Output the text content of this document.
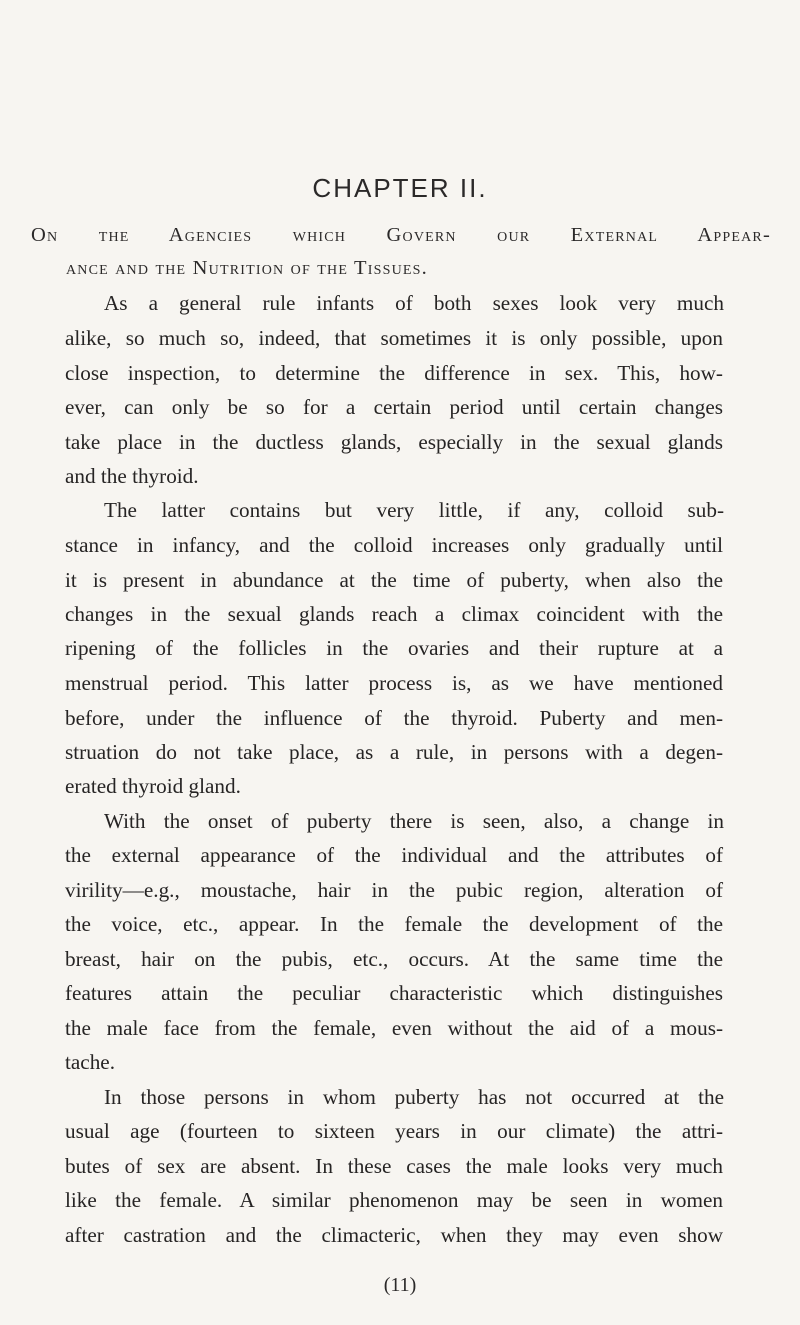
CHAPTER II.
On the Agencies which Govern our External Appear-
ance and the Nutrition of the Tissues.
As a general rule infants of both sexes look very much
alike, so much so, indeed, that sometimes it is only possible, upon
close inspection, to determine the difference in sex. This, how-
ever, can only be so for a certain period until certain changes
take place in the ductless glands, especially in the sexual glands
and the thyroid.
The latter contains but very little, if any, colloid sub-
stance in infancy, and the colloid increases only gradually until
it is present in abundance at the time of puberty, when also the
changes in the sexual glands reach a climax coincident with the
ripening of the follicles in the ovaries and their rupture at a
menstrual period. This latter process is, as we have mentioned
before, under the influence of the thyroid. Puberty and men-
struation do not take place, as a rule, in persons with a degen-
erated thyroid gland.
With the onset of puberty there is seen, also, a change in
the external appearance of the individual and the attributes of
virility—e.g., moustache, hair in the pubic region, alteration of
the voice, etc., appear. In the female the development of the
breast, hair on the pubis, etc., occurs. At the same time the
features attain the peculiar characteristic which distinguishes
the male face from the female, even without the aid of a mous-
tache.
In those persons in whom puberty has not occurred at the
usual age (fourteen to sixteen years in our climate) the attri-
butes of sex are absent. In these cases the male looks very much
like the female. A similar phenomenon may be seen in women
after castration and the climacteric, when they may even show
(11)
